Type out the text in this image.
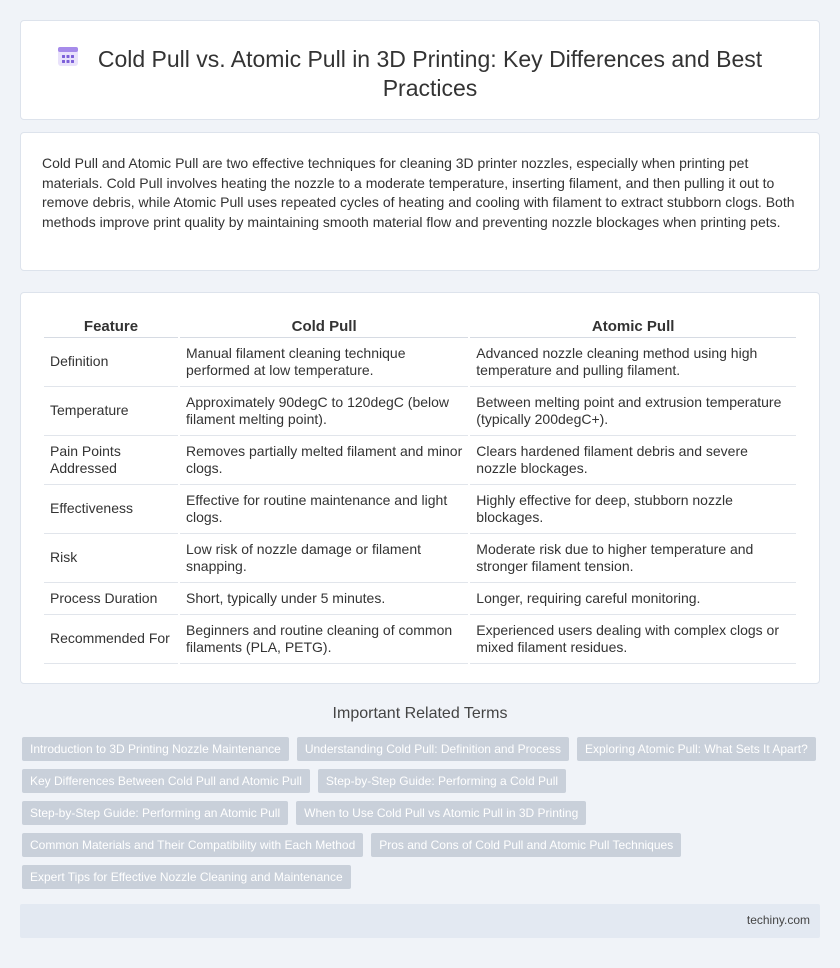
Cold Pull vs. Atomic Pull in 3D Printing: Key Differences and Best Practices

Cold Pull and Atomic Pull are two effective techniques for cleaning 3D printer nozzles, especially when printing pet materials. Cold Pull involves heating the nozzle to a moderate temperature, inserting filament, and then pulling it out to remove debris, while Atomic Pull uses repeated cycles of heating and cooling with filament to extract stubborn clogs. Both methods improve print quality by maintaining smooth material flow and preventing nozzle blockages when printing pets.

Feature	Cold Pull	Atomic Pull
Definition	Manual filament cleaning technique performed at low temperature.	Advanced nozzle cleaning method using high temperature and pulling filament.
Temperature	Approximately 90degC to 120degC (below filament melting point).	Between melting point and extrusion temperature (typically 200degC+).
Pain Points Addressed	Removes partially melted filament and minor clogs.	Clears hardened filament debris and severe nozzle blockages.
Effectiveness	Effective for routine maintenance and light clogs.	Highly effective for deep, stubborn nozzle blockages.
Risk	Low risk of nozzle damage or filament snapping.	Moderate risk due to higher temperature and stronger filament tension.
Process Duration	Short, typically under 5 minutes.	Longer, requiring careful monitoring.
Recommended For	Beginners and routine cleaning of common filaments (PLA, PETG).	Experienced users dealing with complex clogs or mixed filament residues.
Important Related Terms
Introduction to 3D Printing Nozzle Maintenance	Understanding Cold Pull: Definition and Process	Exploring Atomic Pull: What Sets It Apart?
Key Differences Between Cold Pull and Atomic Pull	Step-by-Step Guide: Performing a Cold Pull
Step-by-Step Guide: Performing an Atomic Pull	When to Use Cold Pull vs Atomic Pull in 3D Printing
Common Materials and Their Compatibility with Each Method	Pros and Cons of Cold Pull and Atomic Pull Techniques
Expert Tips for Effective Nozzle Cleaning and Maintenance
techiny.com
